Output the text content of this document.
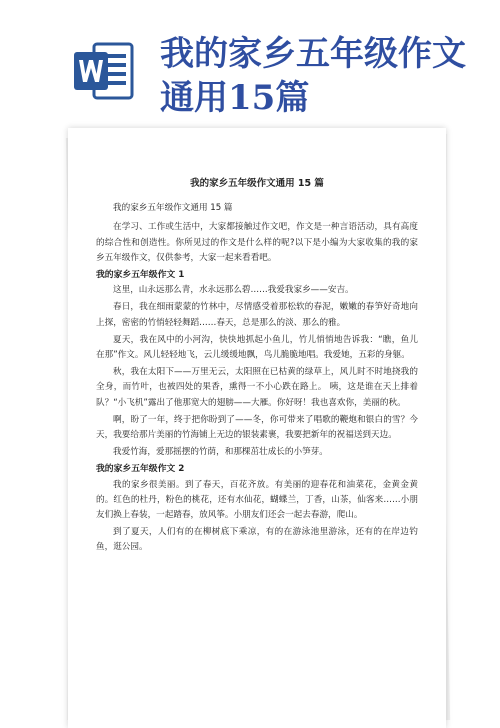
我的家乡五年级作文通用15篇
我的家乡五年级作文通用 15 篇

我的家乡五年级作文通用 15 篇

在学习、工作或生活中，大家都接触过作文吧，作文是一种言语活动，具有高度的综合性和创造性。你所见过的作文是什么样的呢?以下是小编为大家收集的我的家乡五年级作文，仅供参考，大家一起来看看吧。

我的家乡五年级作文 1

这里，山永远那么青，水永远那么碧……我爱我家乡——安吉。

春日，我在细雨蒙蒙的竹林中，尽情感受着那松软的春泥，嫩嫩的春笋好奇地向上探，密密的竹悄轻轻舞蹈……春天，总是那么的淡、那么的雅。

夏天，我在风中的小河沟，快快地抓起小鱼儿，竹儿悄悄地告诉我：“瞧，鱼儿在那”作文。风儿轻轻地飞，云儿缓缓地飘，鸟儿脆脆地唱。我爱她，五彩的身躯。

秋，我在太阳下——万里无云，太阳照在已枯黄的绿草上，风儿时不时地挠我的全身，而竹叶，也被四处的果香，熏得一不小心跌在路上。 咦，这是谁在天上排着队？“小飞机”露出了他那宽大的翅膀——大雁。你好呀！我也喜欢你，美丽的秋。

啊，盼了一年，终于把你盼到了——冬，你可带来了唱歌的鞭炮和银白的雪？今天，我要给那片美丽的竹海铺上无边的银装素裹，我要把新年的祝福送到天边。

我爱竹海，爱那摇摆的竹荫，和那棵茁壮成长的小笋芽。

我的家乡五年级作文 2

我的家乡很美丽。到了春天，百花齐放。有美丽的迎春花和油菜花，金黄金黄的。红色的杜丹，粉色的桃花，还有水仙花，蝴蝶兰，丁香，山茶，仙客来……小朋友们换上春装，一起踏春，放风筝。小朋友们还会一起去春游，爬山。

到了夏天，人们有的在柳树底下乘凉，有的在游泳池里游泳，还有的在岸边钓鱼，逛公园。
